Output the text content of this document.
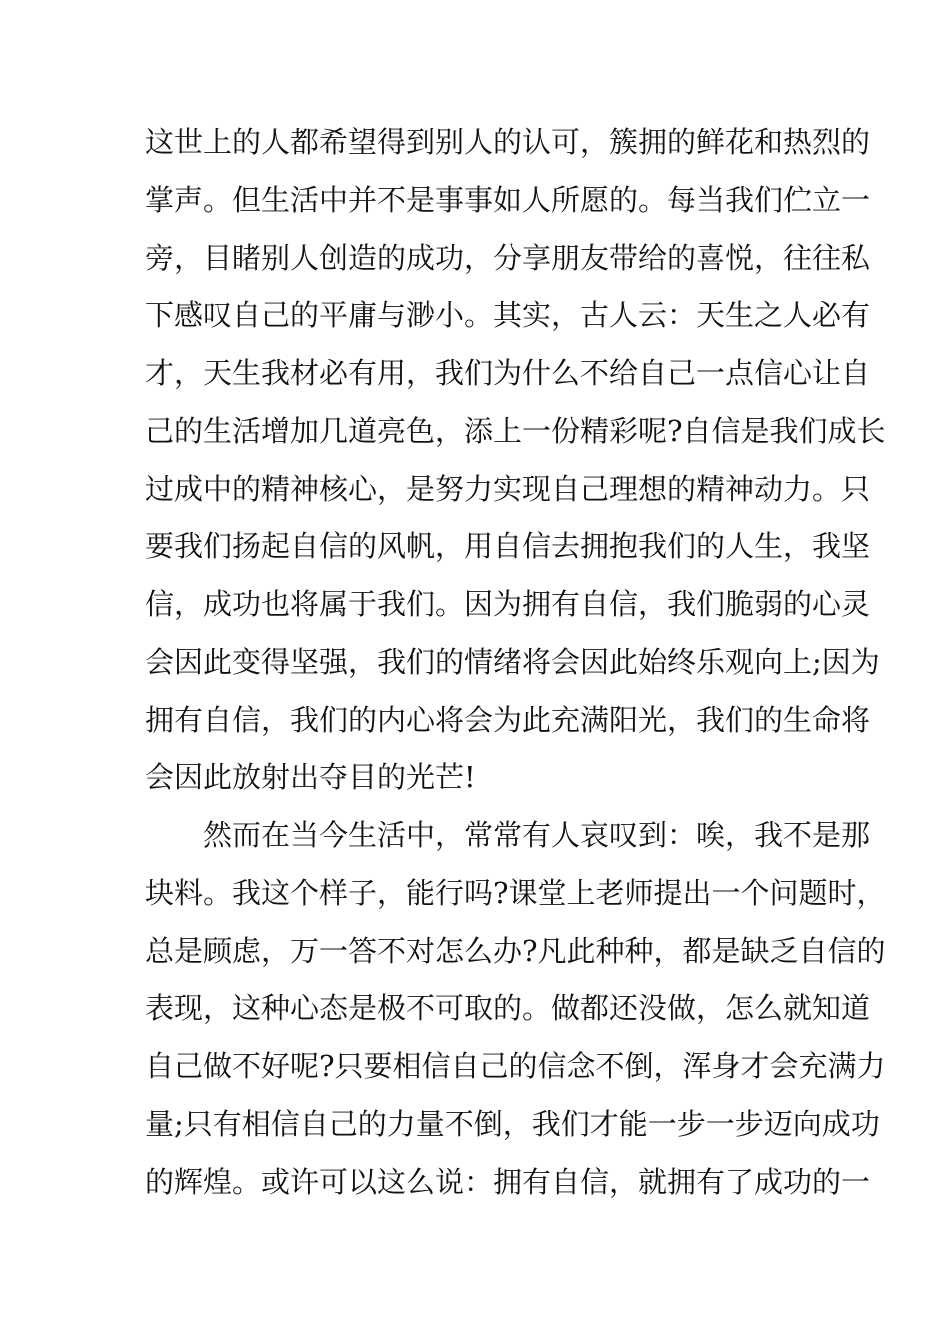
这世上的人都希望得到别人的认可，簇拥的鲜花和热烈的
掌声。但生活中并不是事事如人所愿的。每当我们伫立一
旁，目睹别人创造的成功，分享朋友带给的喜悦，往往私
下感叹自己的平庸与渺小。其实，古人云：天生之人必有
才，天生我材必有用，我们为什么不给自己一点信心让自
己的生活增加几道亮色，添上一份精彩呢?自信是我们成长
过成中的精神核心，是努力实现自己理想的精神动力。只
要我们扬起自信的风帆，用自信去拥抱我们的人生，我坚
信，成功也将属于我们。因为拥有自信，我们脆弱的心灵
会因此变得坚强，我们的情绪将会因此始终乐观向上;因为
拥有自信，我们的内心将会为此充满阳光，我们的生命将
会因此放射出夺目的光芒!
然而在当今生活中，常常有人哀叹到：唉，我不是那
块料。我这个样子，能行吗?课堂上老师提出一个问题时，
总是顾虑，万一答不对怎么办?凡此种种，都是缺乏自信的
表现，这种心态是极不可取的。做都还没做，怎么就知道
自己做不好呢?只要相信自己的信念不倒，浑身才会充满力
量;只有相信自己的力量不倒，我们才能一步一步迈向成功
的辉煌。或许可以这么说：拥有自信，就拥有了成功的一
